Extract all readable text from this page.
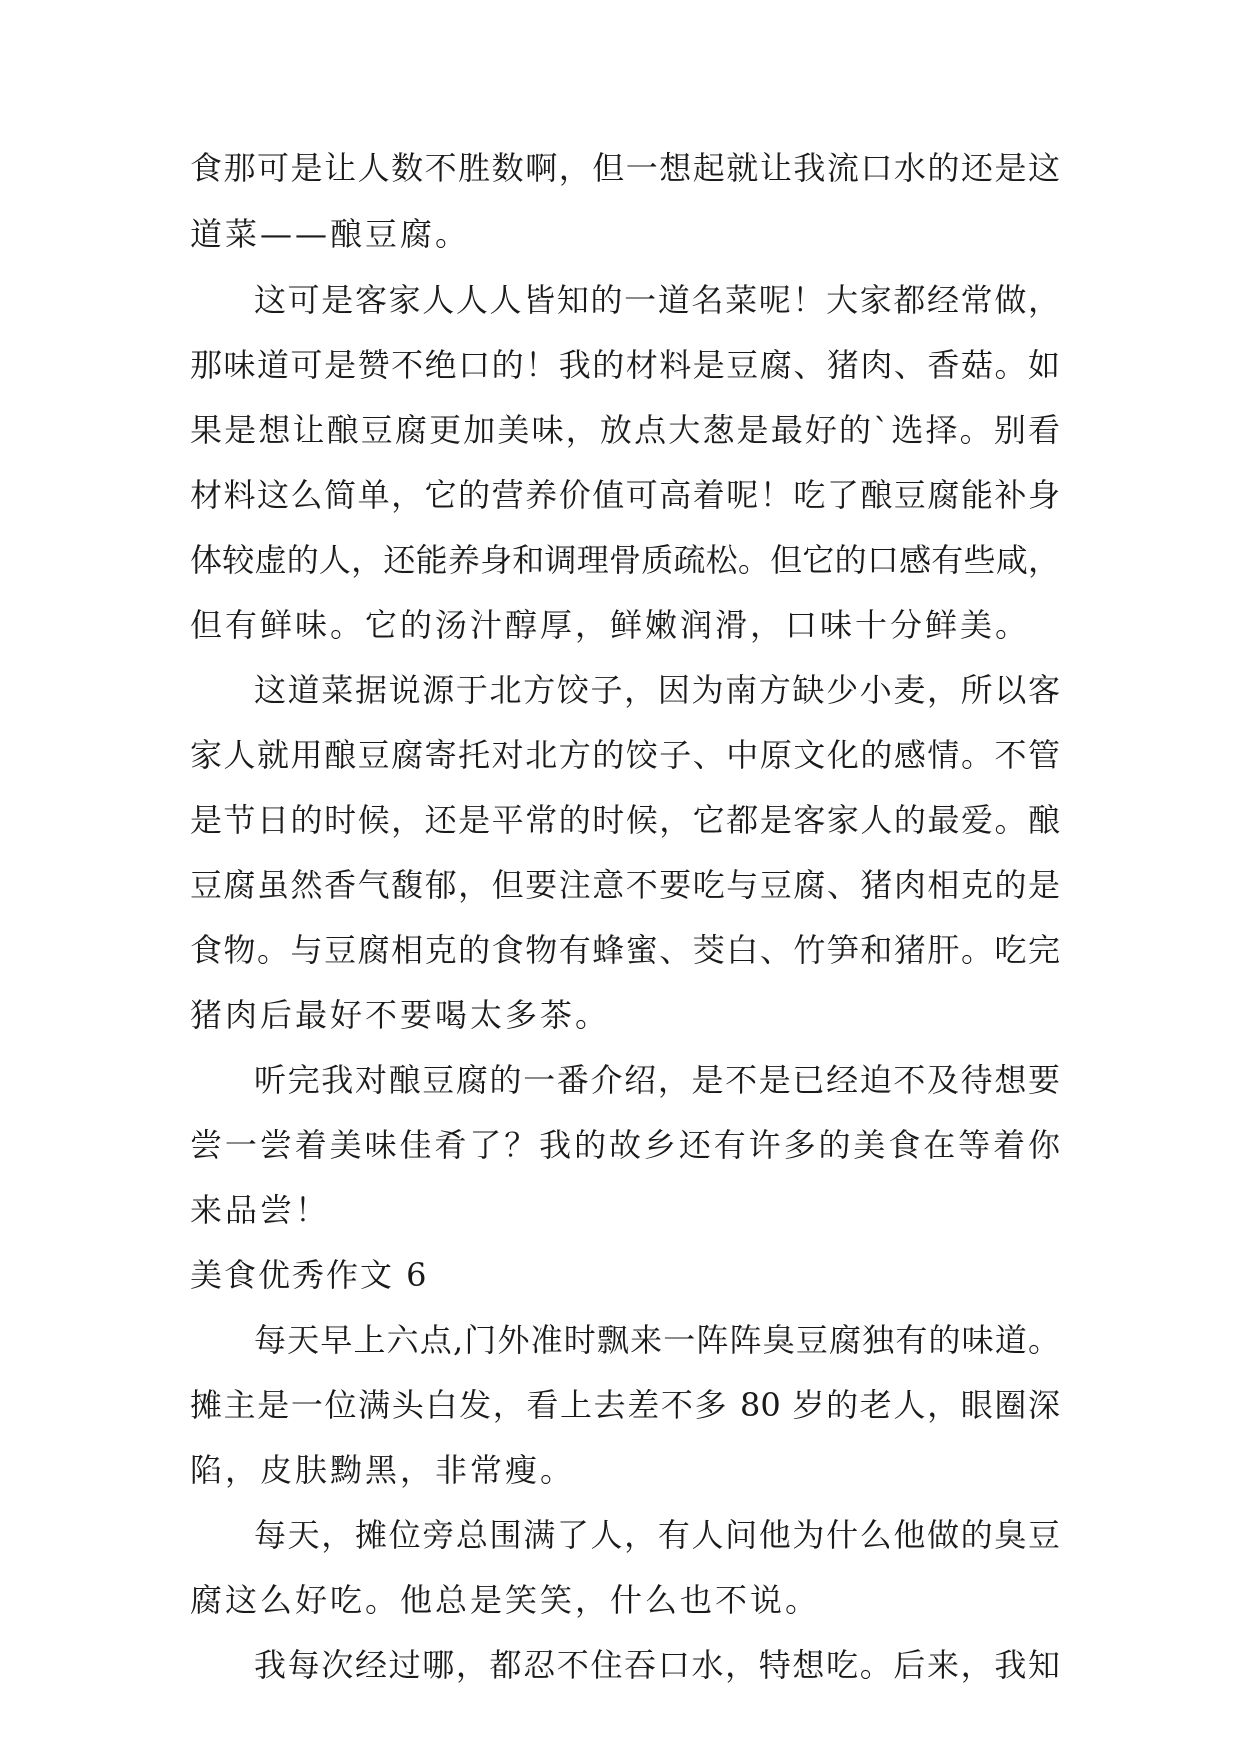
食那可是让人数不胜数啊，但一想起就让我流口水的还是这
道菜——酿豆腐。
这可是客家人人人皆知的一道名菜呢！大家都经常做，
那味道可是赞不绝口的！我的材料是豆腐、猪肉、香菇。如
果是想让酿豆腐更加美味，放点大葱是最好的`选择。别看
材料这么简单，它的营养价值可高着呢！吃了酿豆腐能补身
体较虚的人，还能养身和调理骨质疏松。但它的口感有些咸，
但有鲜味。它的汤汁醇厚，鲜嫩润滑，口味十分鲜美。
这道菜据说源于北方饺子，因为南方缺少小麦，所以客
家人就用酿豆腐寄托对北方的饺子、中原文化的感情。不管
是节日的时候，还是平常的时候，它都是客家人的最爱。酿
豆腐虽然香气馥郁，但要注意不要吃与豆腐、猪肉相克的是
食物。与豆腐相克的食物有蜂蜜、茭白、竹笋和猪肝。吃完
猪肉后最好不要喝太多茶。
听完我对酿豆腐的一番介绍，是不是已经迫不及待想要
尝一尝着美味佳肴了？我的故乡还有许多的美食在等着你
来品尝！
美食优秀作文 6
每天早上六点,门外准时飘来一阵阵臭豆腐独有的味道。
摊主是一位满头白发，看上去差不多 80 岁的老人，眼圈深
陷，皮肤黝黑，非常瘦。
每天，摊位旁总围满了人，有人问他为什么他做的臭豆
腐这么好吃。他总是笑笑，什么也不说。
我每次经过哪，都忍不住吞口水，特想吃。后来，我知
